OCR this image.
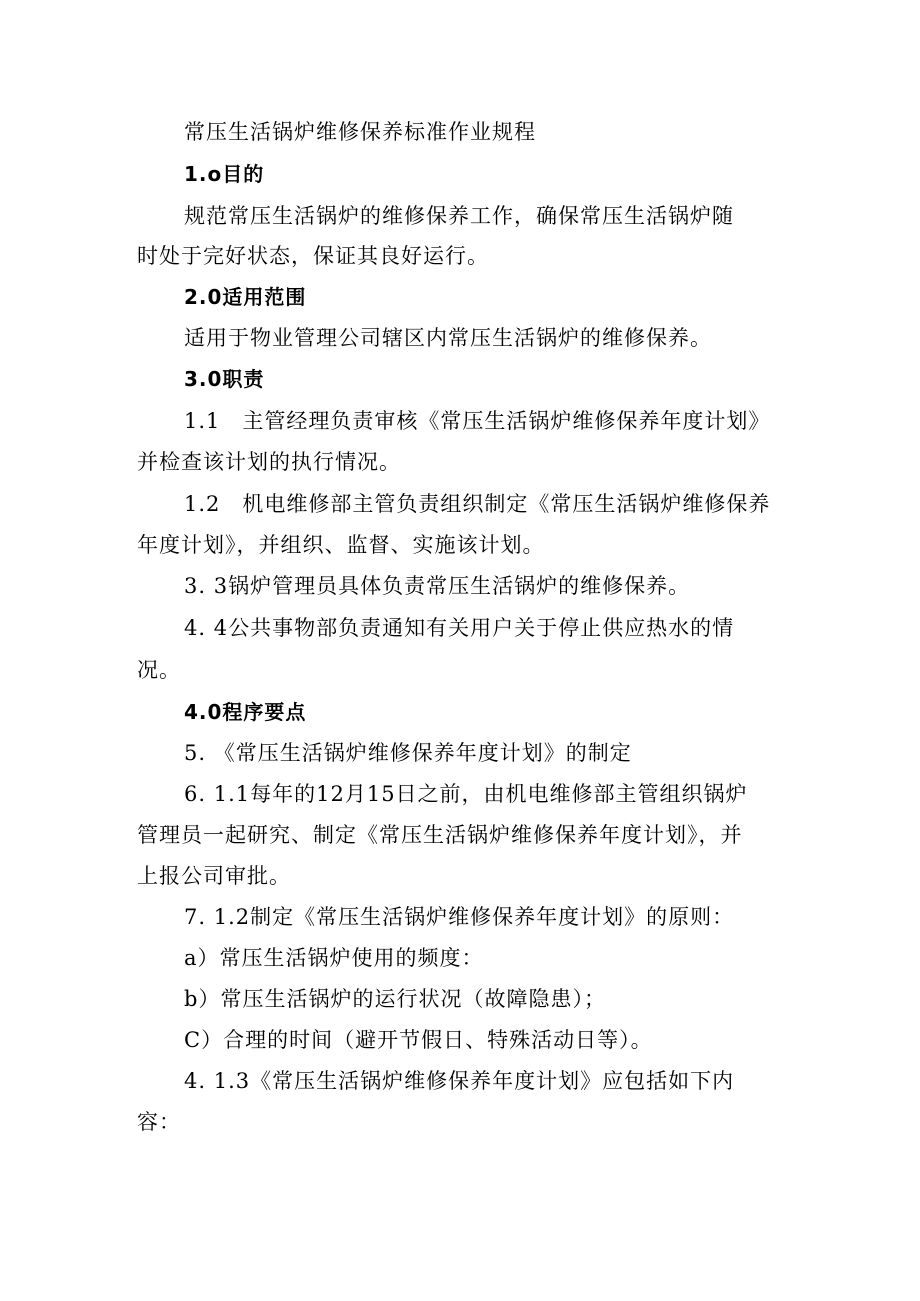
常压生活锅炉维修保养标准作业规程
1.o目的
规范常压生活锅炉的维修保养工作，确保常压生活锅炉随
时处于完好状态，保证其良好运行。
2.0适用范围
适用于物业管理公司辖区内常压生活锅炉的维修保养。
3.0职责
1.1　主管经理负责审核《常压生活锅炉维修保养年度计划》
并检查该计划的执行情况。
1.2　机电维修部主管负责组织制定《常压生活锅炉维修保养
年度计划》，并组织、监督、实施该计划。
3. 3锅炉管理员具体负责常压生活锅炉的维修保养。
4. 4公共事物部负责通知有关用户关于停止供应热水的情
况。
4.0程序要点
5. 《常压生活锅炉维修保养年度计划》的制定
6. 1.1每年的12月15日之前，由机电维修部主管组织锅炉
管理员一起研究、制定《常压生活锅炉维修保养年度计划》，并
上报公司审批。
7. 1.2制定《常压生活锅炉维修保养年度计划》的原则：
a）常压生活锅炉使用的频度：
b）常压生活锅炉的运行状况（故障隐患）；
C）合理的时间（避开节假日、特殊活动日等）。
4. 1.3《常压生活锅炉维修保养年度计划》应包括如下内
容：
